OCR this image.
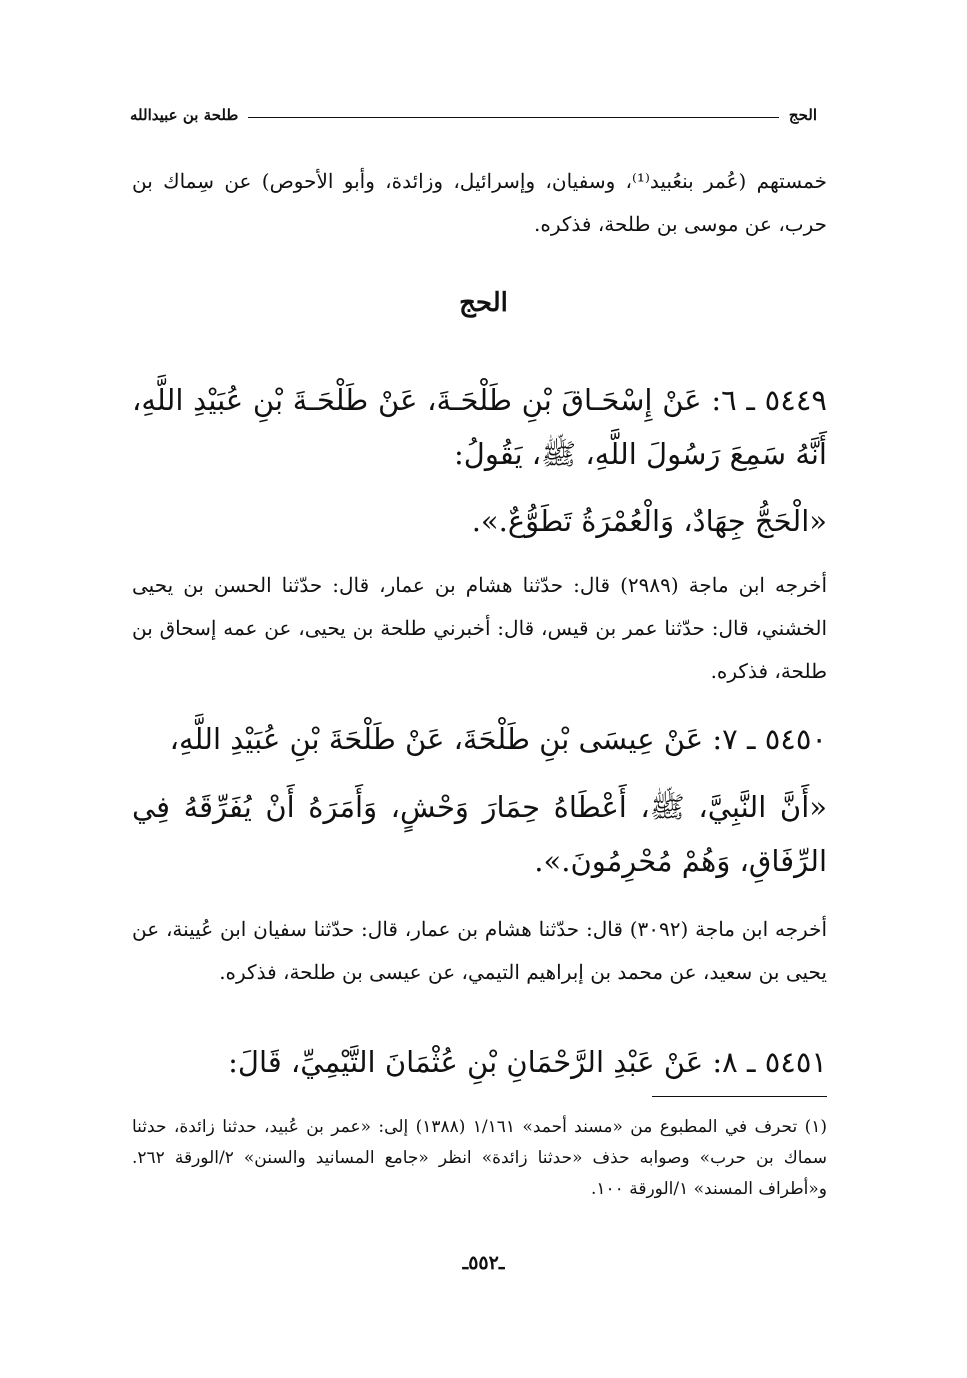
الحج
طلحة بن عبيدالله
خمستهم (عُمر بنعُبيد⁽¹⁾، وسفيان، وإسرائيل، وزائدة، وأبو الأحوص) عن سِماك بن حرب، عن موسى بن طلحة، فذكره.
الحج
٥٤٤٩ ـ ٦: عَنْ إِسْحَـاقَ بْنِ طَلْحَـةَ، عَنْ طَلْحَـةَ بْنِ عُبَيْدِ اللَّهِ، أَنَّهُ سَمِعَ رَسُولَ اللَّهِ، ﷺ، يَقُولُ:
«الْحَجُّ جِهَادٌ، وَالْعُمْرَةُ تَطَوُّعٌ.».
أخرجه ابن ماجة (٢٩٨٩) قال: حدّثنا هشام بن عمار، قال: حدّثنا الحسن بن يحيى الخشني، قال: حدّثنا عمر بن قيس، قال: أخبرني طلحة بن يحيى، عن عمه إسحاق بن طلحة، فذكره.
٥٤٥٠ ـ ٧: عَنْ عِيسَى بْنِ طَلْحَةَ، عَنْ طَلْحَةَ بْنِ عُبَيْدِ اللَّهِ،
«أَنَّ النَّبِيَّ، ﷺ، أَعْطَاهُ حِمَارَ وَحْشٍ، وَأَمَرَهُ أَنْ يُفَرِّقَهُ فِي الرِّفَاقِ، وَهُمْ مُحْرِمُونَ.».
أخرجه ابن ماجة (٣٠٩٢) قال: حدّثنا هشام بن عمار، قال: حدّثنا سفيان ابن عُيينة، عن يحيى بن سعيد، عن محمد بن إبراهيم التيمي، عن عيسى بن طلحة، فذكره.
٥٤٥١ ـ ٨: عَنْ عَبْدِ الرَّحْمَانِ بْنِ عُثْمَانَ التَّيْمِيِّ، قَالَ:
(١) تحرف في المطبوع من «مسند أحمد» ١/١٦١ (١٣٨٨) إلى: «عمر بن عُبيد، حدثنا زائدة، حدثنا سماك بن حرب» وصوابه حذف «حدثنا زائدة» انظر «جامع المسانيد والسنن» ٢/الورقة ٢٦٢. و«أطراف المسند» ١/الورقة ١٠٠.
ـ٥٥٢ـ
